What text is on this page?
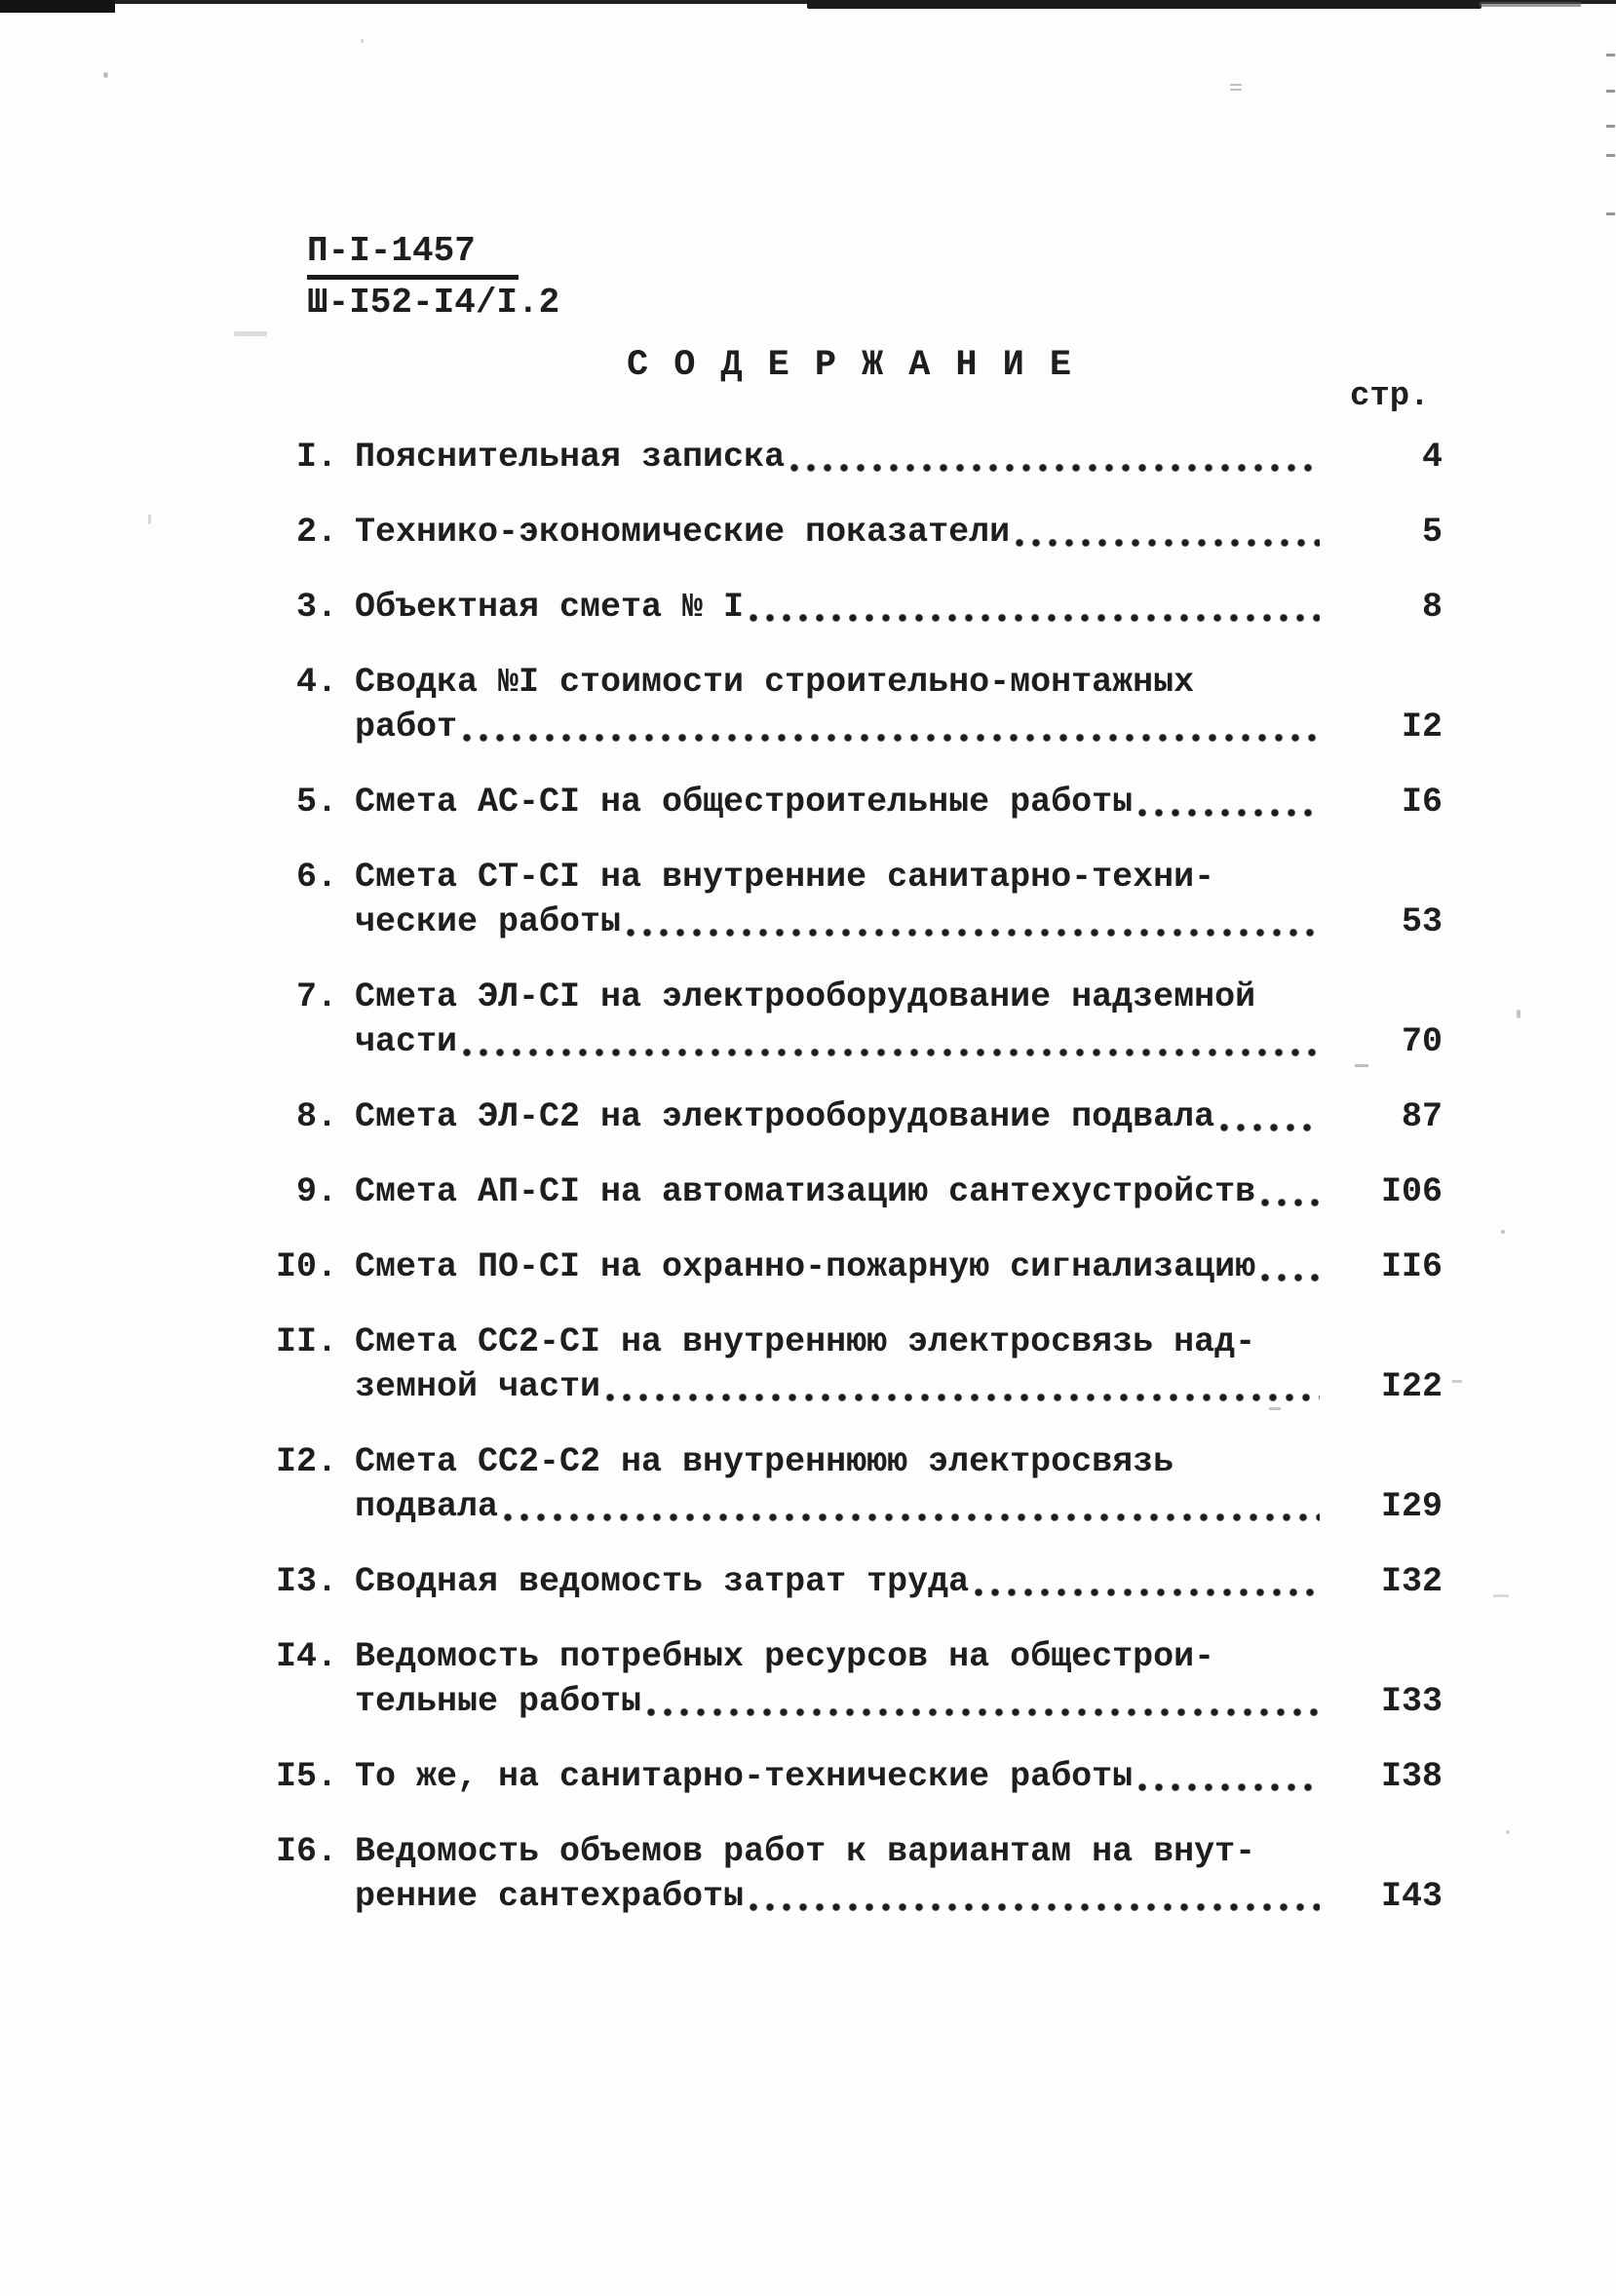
П-I-1457
Ш-I52-I4/I.2
СОДЕРЖАНИЕ
стр.
I. Пояснительная записка	4
2. Технико-экономические показатели	5
3. Объектная смета № I	8
4. Сводка №I стоимости строительно-монтажных
работ	I2
5. Смета АС-СI на общестроительные работы	I6
6. Смета СТ-СI на внутренние санитарно-техни-
ческие работы	53
7. Смета ЭЛ-СI на электрооборудование надземной
части	70
8. Смета ЭЛ-С2 на электрооборудование подвала	87
9. Смета АП-СI на автоматизацию сантехустройств	I06
I0. Смета ПО-СI на охранно-пожарную сигнализацию	II6
II. Смета СС2-СI на внутреннюю электросвязь над-
земной части	I22
I2. Смета СС2-С2 на внутреннююю электросвязь
подвала	I29
I3. Сводная ведомость затрат труда	I32
I4. Ведомость потребных ресурсов на общестрои-
тельные работы	I33
I5. То же, на санитарно-технические работы	I38
I6. Ведомость объемов работ к вариантам на внут-
ренние сантехработы	I43
